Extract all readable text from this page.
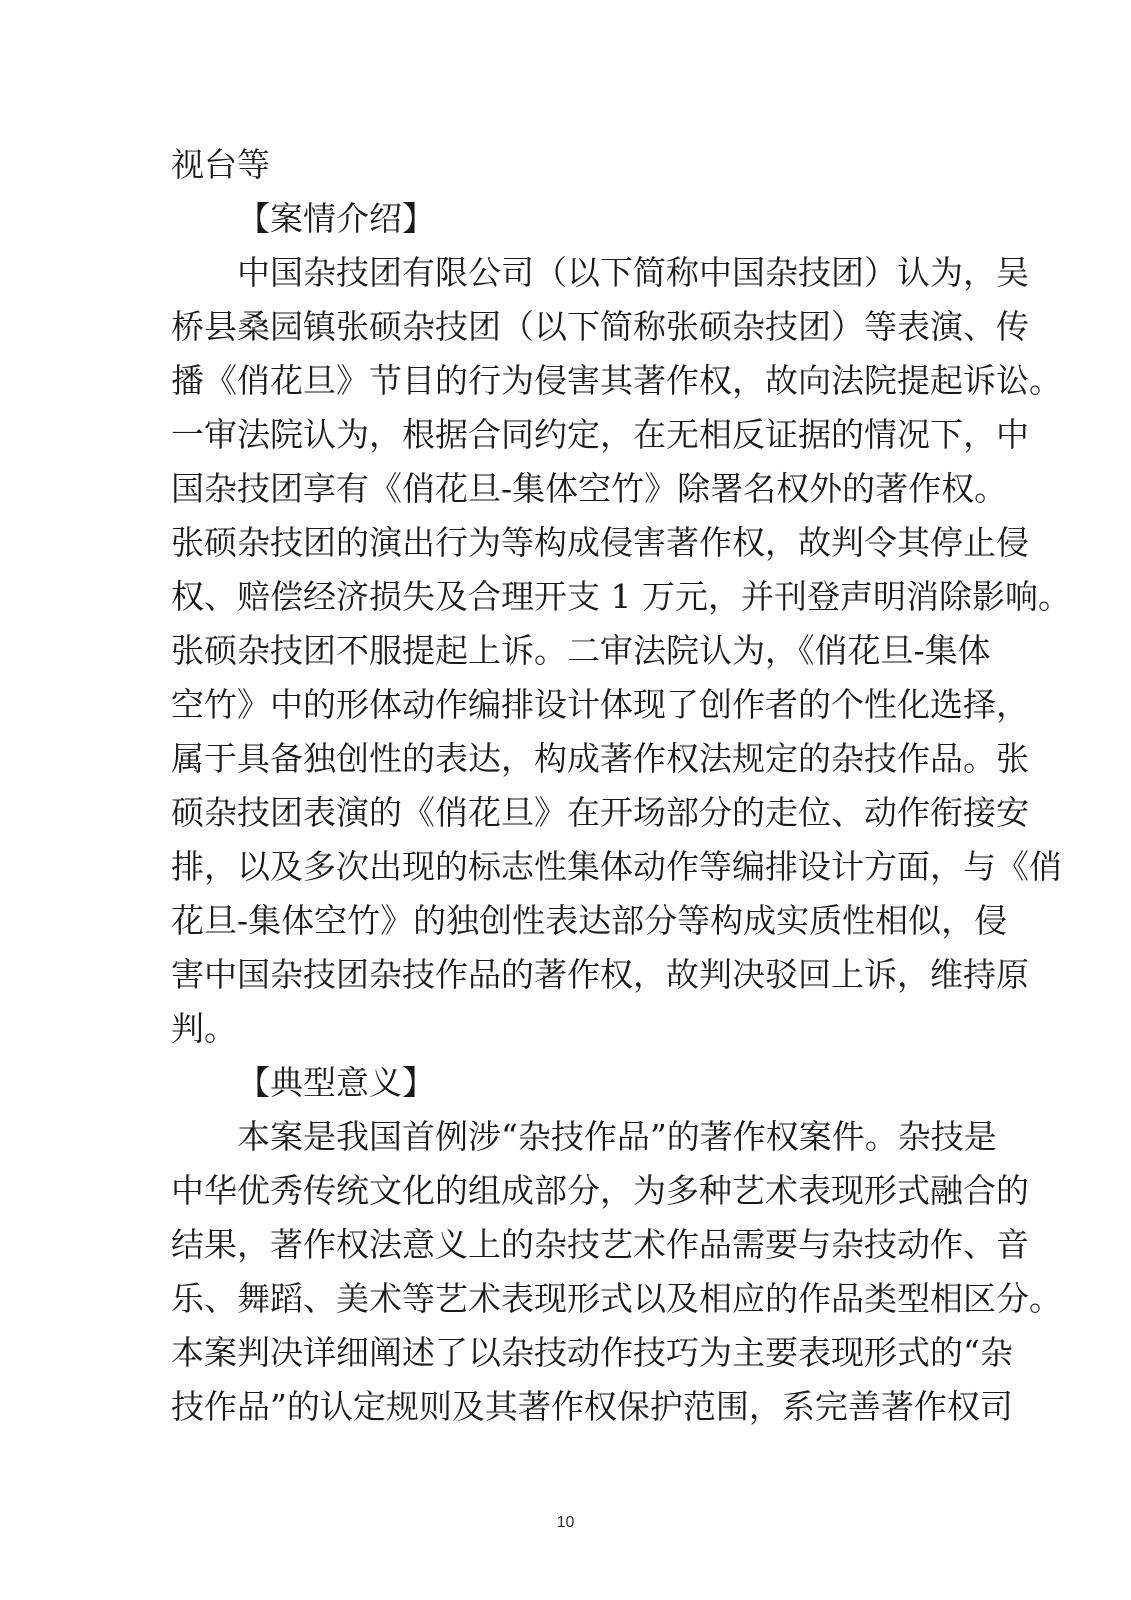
视台等
【案情介绍】
中国杂技团有限公司（以下简称中国杂技团）认为，吴
桥县桑园镇张硕杂技团（以下简称张硕杂技团）等表演、传
播《俏花旦》节目的行为侵害其著作权，故向法院提起诉讼。
一审法院认为，根据合同约定，在无相反证据的情况下，中
国杂技团享有《俏花旦-集体空竹》除署名权外的著作权。
张硕杂技团的演出行为等构成侵害著作权，故判令其停止侵
权、赔偿经济损失及合理开支 1 万元，并刊登声明消除影响。
张硕杂技团不服提起上诉。二审法院认为，《俏花旦-集体
空竹》中的形体动作编排设计体现了创作者的个性化选择，
属于具备独创性的表达，构成著作权法规定的杂技作品。张
硕杂技团表演的《俏花旦》在开场部分的走位、动作衔接安
排，以及多次出现的标志性集体动作等编排设计方面，与《俏
花旦-集体空竹》的独创性表达部分等构成实质性相似，侵
害中国杂技团杂技作品的著作权，故判决驳回上诉，维持原
判。
【典型意义】
本案是我国首例涉“杂技作品”的著作权案件。杂技是
中华优秀传统文化的组成部分，为多种艺术表现形式融合的
结果，著作权法意义上的杂技艺术作品需要与杂技动作、音
乐、舞蹈、美术等艺术表现形式以及相应的作品类型相区分。
本案判决详细阐述了以杂技动作技巧为主要表现形式的“杂
技作品”的认定规则及其著作权保护范围，系完善著作权司
10
